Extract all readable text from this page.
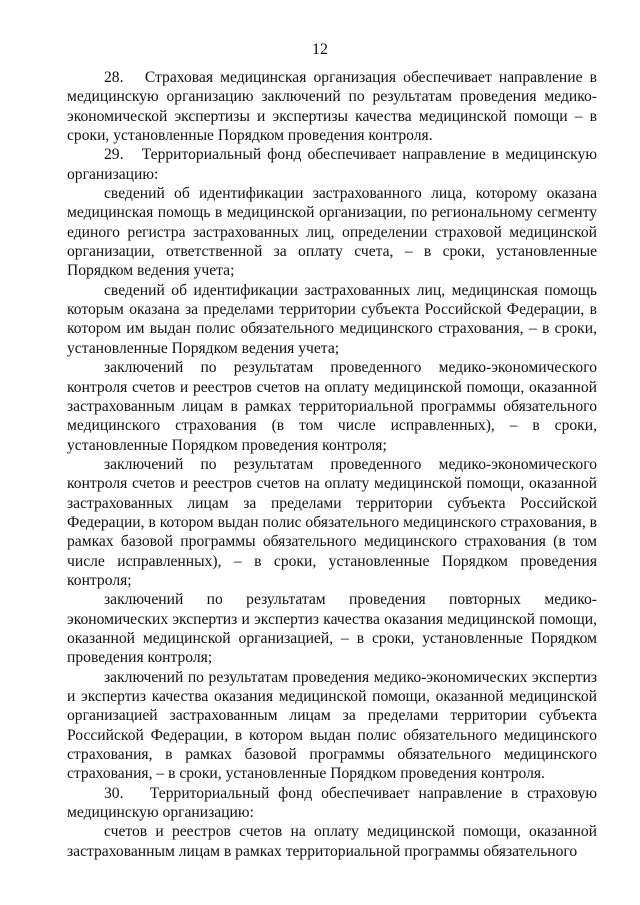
12

28.   Страховая медицинская организация обеспечивает направление в медицинскую организацию заключений по результатам проведения медико-экономической экспертизы и экспертизы качества медицинской помощи – в сроки, установленные Порядком проведения контроля.

29.   Территориальный фонд обеспечивает направление в медицинскую организацию:

сведений об идентификации застрахованного лица, которому оказана медицинская помощь в медицинской организации, по региональному сегменту единого регистра застрахованных лиц, определении страховой медицинской организации, ответственной за оплату счета, – в сроки, установленные Порядком ведения учета;

сведений об идентификации застрахованных лиц, медицинская помощь которым оказана за пределами территории субъекта Российской Федерации, в котором им выдан полис обязательного медицинского страхования, – в сроки, установленные Порядком ведения учета;

заключений по результатам проведенного медико-экономического контроля счетов и реестров счетов на оплату медицинской помощи, оказанной застрахованным лицам в рамках территориальной программы обязательного медицинского страхования (в том числе исправленных), – в сроки, установленные Порядком проведения контроля;

заключений по результатам проведенного медико-экономического контроля счетов и реестров счетов на оплату медицинской помощи, оказанной застрахованных лицам за пределами территории субъекта Российской Федерации, в котором выдан полис обязательного медицинского страхования, в рамках базовой программы обязательного медицинского страхования (в том числе исправленных), – в сроки, установленные Порядком проведения контроля;

заключений по результатам проведения повторных медико-экономических экспертиз и экспертиз качества оказания медицинской помощи, оказанной медицинской организацией, – в сроки, установленные Порядком проведения контроля;

заключений по результатам проведения медико-экономических экспертиз и экспертиз качества оказания медицинской помощи, оказанной медицинской организацией застрахованным лицам за пределами территории субъекта Российской Федерации, в котором выдан полис обязательного медицинского страхования, в рамках базовой программы обязательного медицинского страхования, – в сроки, установленные Порядком проведения контроля.

30.   Территориальный фонд обеспечивает направление в страховую медицинскую организацию:

счетов и реестров счетов на оплату медицинской помощи, оказанной застрахованным лицам в рамках территориальной программы обязательного
